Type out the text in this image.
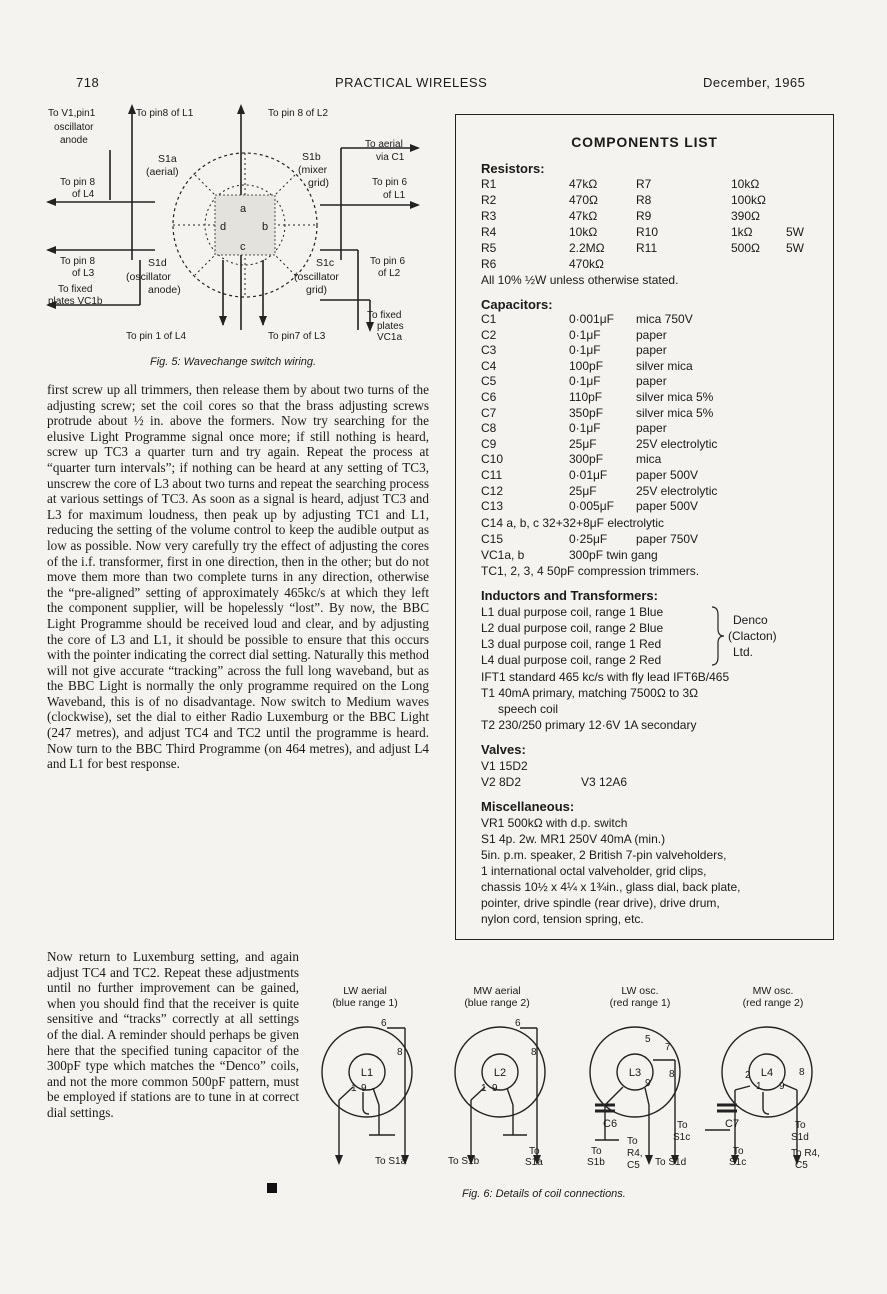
718	PRACTICAL WIRELESS	December, 1965
To V1,pin1
oscillator
anode
To pin8 of L1	To pin 8 of L2
To aerial
via C1
S1a
(aerial)
S1b
(mixer
grid)	To pin 6
of L1
To pin 8
of L4
To pin 8
of L3
S1d
(oscillator
anode)
S1c
(oscillator
grid)
To pin 6
of L2
To fixed
plates VC1b
To fixed
plates
VC1a
To pin 1 of L4	To pin7 of L3
a
b
c
d
Fig. 5: Wavechange switch wiring.

first screw up all trimmers, then release them by about two turns of the adjusting screw; set the coil cores so that the brass adjusting screws protrude about ½ in. above the formers. Now try searching for the elusive Light Programme signal once more; if still nothing is heard, screw up TC3 a quarter turn and try again. Repeat the process at “quarter turn intervals”; if nothing can be heard at any setting of TC3, unscrew the core of L3 about two turns and repeat the searching process at various settings of TC3. As soon as a signal is heard, adjust TC3 and L3 for maximum loudness, then peak up by adjusting TC1 and L1, reducing the setting of the volume control to keep the audible output as low as possible. Now very carefully try the effect of adjusting the cores of the i.f. transformer, first in one direction, then in the other; but do not move them more than two complete turns in any direction, otherwise the “pre-aligned” setting of approximately 465kc/s at which they left the component supplier, will be hopelessly “lost”. By now, the BBC Light Programme should be received loud and clear, and by adjusting the core of L3 and L1, it should be possible to ensure that this occurs with the pointer indicating the correct dial setting. Naturally this method will not give accurate “tracking” across the full long waveband, but as the BBC Light is normally the only programme required on the Long Waveband, this is of no disadvantage. Now switch to Medium waves (clockwise), set the dial to either Radio Luxemburg or the BBC Light (247 metres), and adjust TC4 and TC2 until the programme is heard. Now turn to the BBC Third Programme (on 464 metres), and adjust L4 and L1 for best response.

Now return to Luxemburg setting, and again adjust TC4 and TC2. Repeat these adjustments until no further improvement can be gained, when you should find that the receiver is quite sensitive and “tracks” correctly at all settings of the dial. A reminder should perhaps be given here that the specified tuning capacitor of the 300pF type which matches the “Denco” coils, and not the more common 500pF pattern, must be employed if stations are to tune in at correct dial settings.

COMPONENTS LIST
Resistors:
R1	47kΩ	R7	10kΩ
R2	470Ω	R8	100kΩ
R3	47kΩ	R9	390Ω
R4	10kΩ	R10	1kΩ	5W
R5	2.2MΩ	R11	500Ω 5W
R6	470kΩ
All 10% ½W unless otherwise stated.
Capacitors:
C1	0·001μF mica 750V
C2	0·1μF	paper
C3	0·1μF	paper
C4	100pF	silver mica
C5	0·1μF	paper
C6	110pF	silver mica 5%
C7	350pF	silver mica 5%
C8	0·1μF	paper
C9	25μF	25V electrolytic
C10	300pF	mica
C11	0·01μF paper 500V
C12	25μF	25V electrolytic
C13	0·005μF paper 500V
C14 a, b, c 32+32+8μF electrolytic
C15	0·25μF paper 750V
VC1a, b	300pF twin gang
TC1, 2, 3, 4 50pF compression trimmers.
Inductors and Transformers:
L1 dual purpose coil, range 1 Blue
L2 dual purpose coil, range 2 Blue
L3 dual purpose coil, range 1 Red
L4 dual purpose coil, range 2 Red
Denco
(Clacton)
Ltd.
IFT1 standard 465 kc/s with fly lead IFT6B/465
T1 40mA primary, matching 7500Ω to 3Ω
speech coil
T2 230/250 primary 12·6V 1A secondary
Valves:
V1 15D2
V2 8D2	V3 12A6
Miscellaneous:
VR1 500kΩ with d.p. switch
S1 4p. 2w. MR1 250V 40mA (min.)
5in. p.m. speaker, 2 British 7-pin valveholders,
1 international octal valveholder, grid clips,
chassis 10½ x 4¼ x 1¾in., glass dial, back plate,
pointer, drive spindle (rear drive), drive drum,
nylon cord, tension spring, etc.
LW aerial
(blue range 1)
MW aerial
(blue range 2)
LW osc.
(red range 1)
MW osc.
(red range 2)
L1	L2	L3	L4
6
1 9
8
6
1 9
8
5
7
9
8	2
1 9
8
C6	C7
To S1a	To S1b
To
S1a
To
S1b
To
R4,
C5
To
S1c
To S1d
To
S1c
To
S1d
To R4,
C5
Fig. 6: Details of coil connections.
